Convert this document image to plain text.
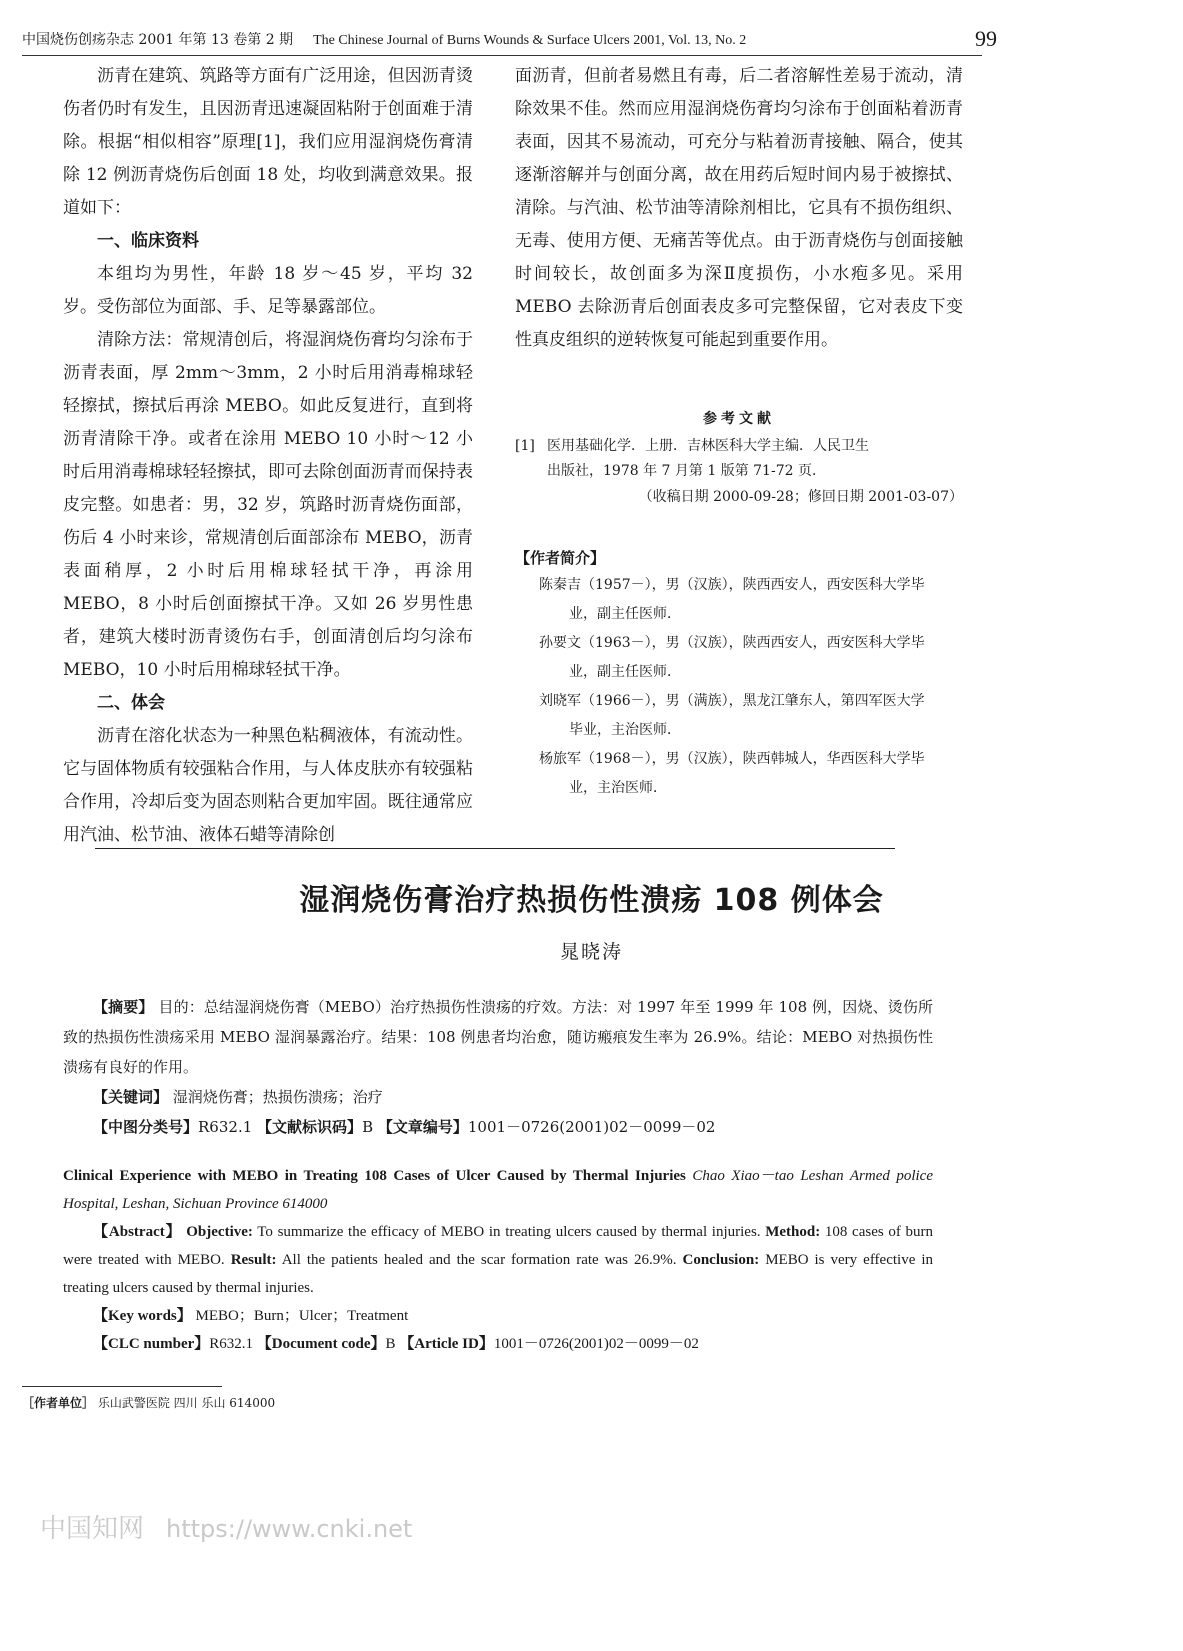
中国烧伤创疡杂志 2001 年第 13 卷第 2 期 The Chinese Journal of Burns Wounds & Surface Ulcers 2001, Vol. 13, No. 2	99

沥青在建筑、筑路等方面有广泛用途，但因沥青烫伤者仍时有发生，且因沥青迅速凝固粘附于创面难于清除。根据“相似相容”原理[1]，我们应用湿润烧伤膏清除 12 例沥青烧伤后创面 18 处，均收到满意效果。报道如下：

一、临床资料

本组均为男性，年龄 18 岁～45 岁，平均 32 岁。受伤部位为面部、手、足等暴露部位。

清除方法：常规清创后，将湿润烧伤膏均匀涂布于沥青表面，厚 2mm～3mm，2 小时后用消毒棉球轻轻擦拭，擦拭后再涂 MEBO。如此反复进行，直到将沥青清除干净。或者在涂用 MEBO 10 小时～12 小时后用消毒棉球轻轻擦拭，即可去除创面沥青而保持表皮完整。如患者：男，32 岁，筑路时沥青烧伤面部，伤后 4 小时来诊，常规清创后面部涂布 MEBO，沥青表面稍厚，2 小时后用棉球轻拭干净，再涂用 MEBO，8 小时后创面擦拭干净。又如 26 岁男性患者，建筑大楼时沥青烫伤右手，创面清创后均匀涂布 MEBO，10 小时后用棉球轻拭干净。

二、体会

沥青在溶化状态为一种黑色粘稠液体，有流动性。它与固体物质有较强粘合作用，与人体皮肤亦有较强粘合作用，冷却后变为固态则粘合更加牢固。既往通常应用汽油、松节油、液体石蜡等清除创

面沥青，但前者易燃且有毒，后二者溶解性差易于流动，清除效果不佳。然而应用湿润烧伤膏均匀涂布于创面粘着沥青表面，因其不易流动，可充分与粘着沥青接触、隔合，使其逐渐溶解并与创面分离，故在用药后短时间内易于被擦拭、清除。与汽油、松节油等清除剂相比，它具有不损伤组织、无毒、使用方便、无痛苦等优点。由于沥青烧伤与创面接触时间较长，故创面多为深Ⅱ度损伤，小水疱多见。采用 MEBO 去除沥青后创面表皮多可完整保留，它对表皮下变性真皮组织的逆转恢复可能起到重要作用。

参考文献
[1] 医用基础化学．上册．吉林医科大学主编．人民卫生
出版社，1978 年 7 月第 1 版第 71-72 页．
（收稿日期 2000-09-28；修回日期 2001-03-07）
【作者简介】
陈秦吉（1957－），男（汉族），陕西西安人，西安医科大学毕
业，副主任医师．
孙要文（1963－），男（汉族），陕西西安人，西安医科大学毕
业，副主任医师．
刘晓军（1966－），男（满族），黑龙江肇东人，第四军医大学
毕业，主治医师．
杨旅军（1968－），男（汉族），陕西韩城人，华西医科大学毕
业，主治医师．
湿润烧伤膏治疗热损伤性溃疡 108 例体会
晁晓涛

【摘要】 目的：总结湿润烧伤膏（MEBO）治疗热损伤性溃疡的疗效。方法：对 1997 年至 1999 年 108 例，因烧、烫伤所致的热损伤性溃疡采用 MEBO 湿润暴露治疗。结果：108 例患者均治愈，随访瘢痕发生率为 26.9%。结论：MEBO 对热损伤性溃疡有良好的作用。

【关键词】 湿润烧伤膏；热损伤溃疡；治疗

【中图分类号】R632.1 【文献标识码】B 【文章编号】1001－0726(2001)02－0099－02

Clinical Experience with MEBO in Treating 108 Cases of Ulcer Caused by Thermal Injuries Chao Xiao－tao Leshan Armed police Hospital, Leshan, Sichuan Province 614000

【Abstract】 Objective: To summarize the efficacy of MEBO in treating ulcers caused by thermal injuries. Method: 108 cases of burn were treated with MEBO. Result: All the patients healed and the scar formation rate was 26.9%. Conclusion: MEBO is very effective in treating ulcers caused by thermal injuries.

【Key words】 MEBO；Burn；Ulcer；Treatment

【CLC number】R632.1 【Document code】B 【Article ID】1001－0726(2001)02－0099－02

［作者单位］ 乐山武警医院 四川 乐山 614000
中国知网 https://www.cnki.net
